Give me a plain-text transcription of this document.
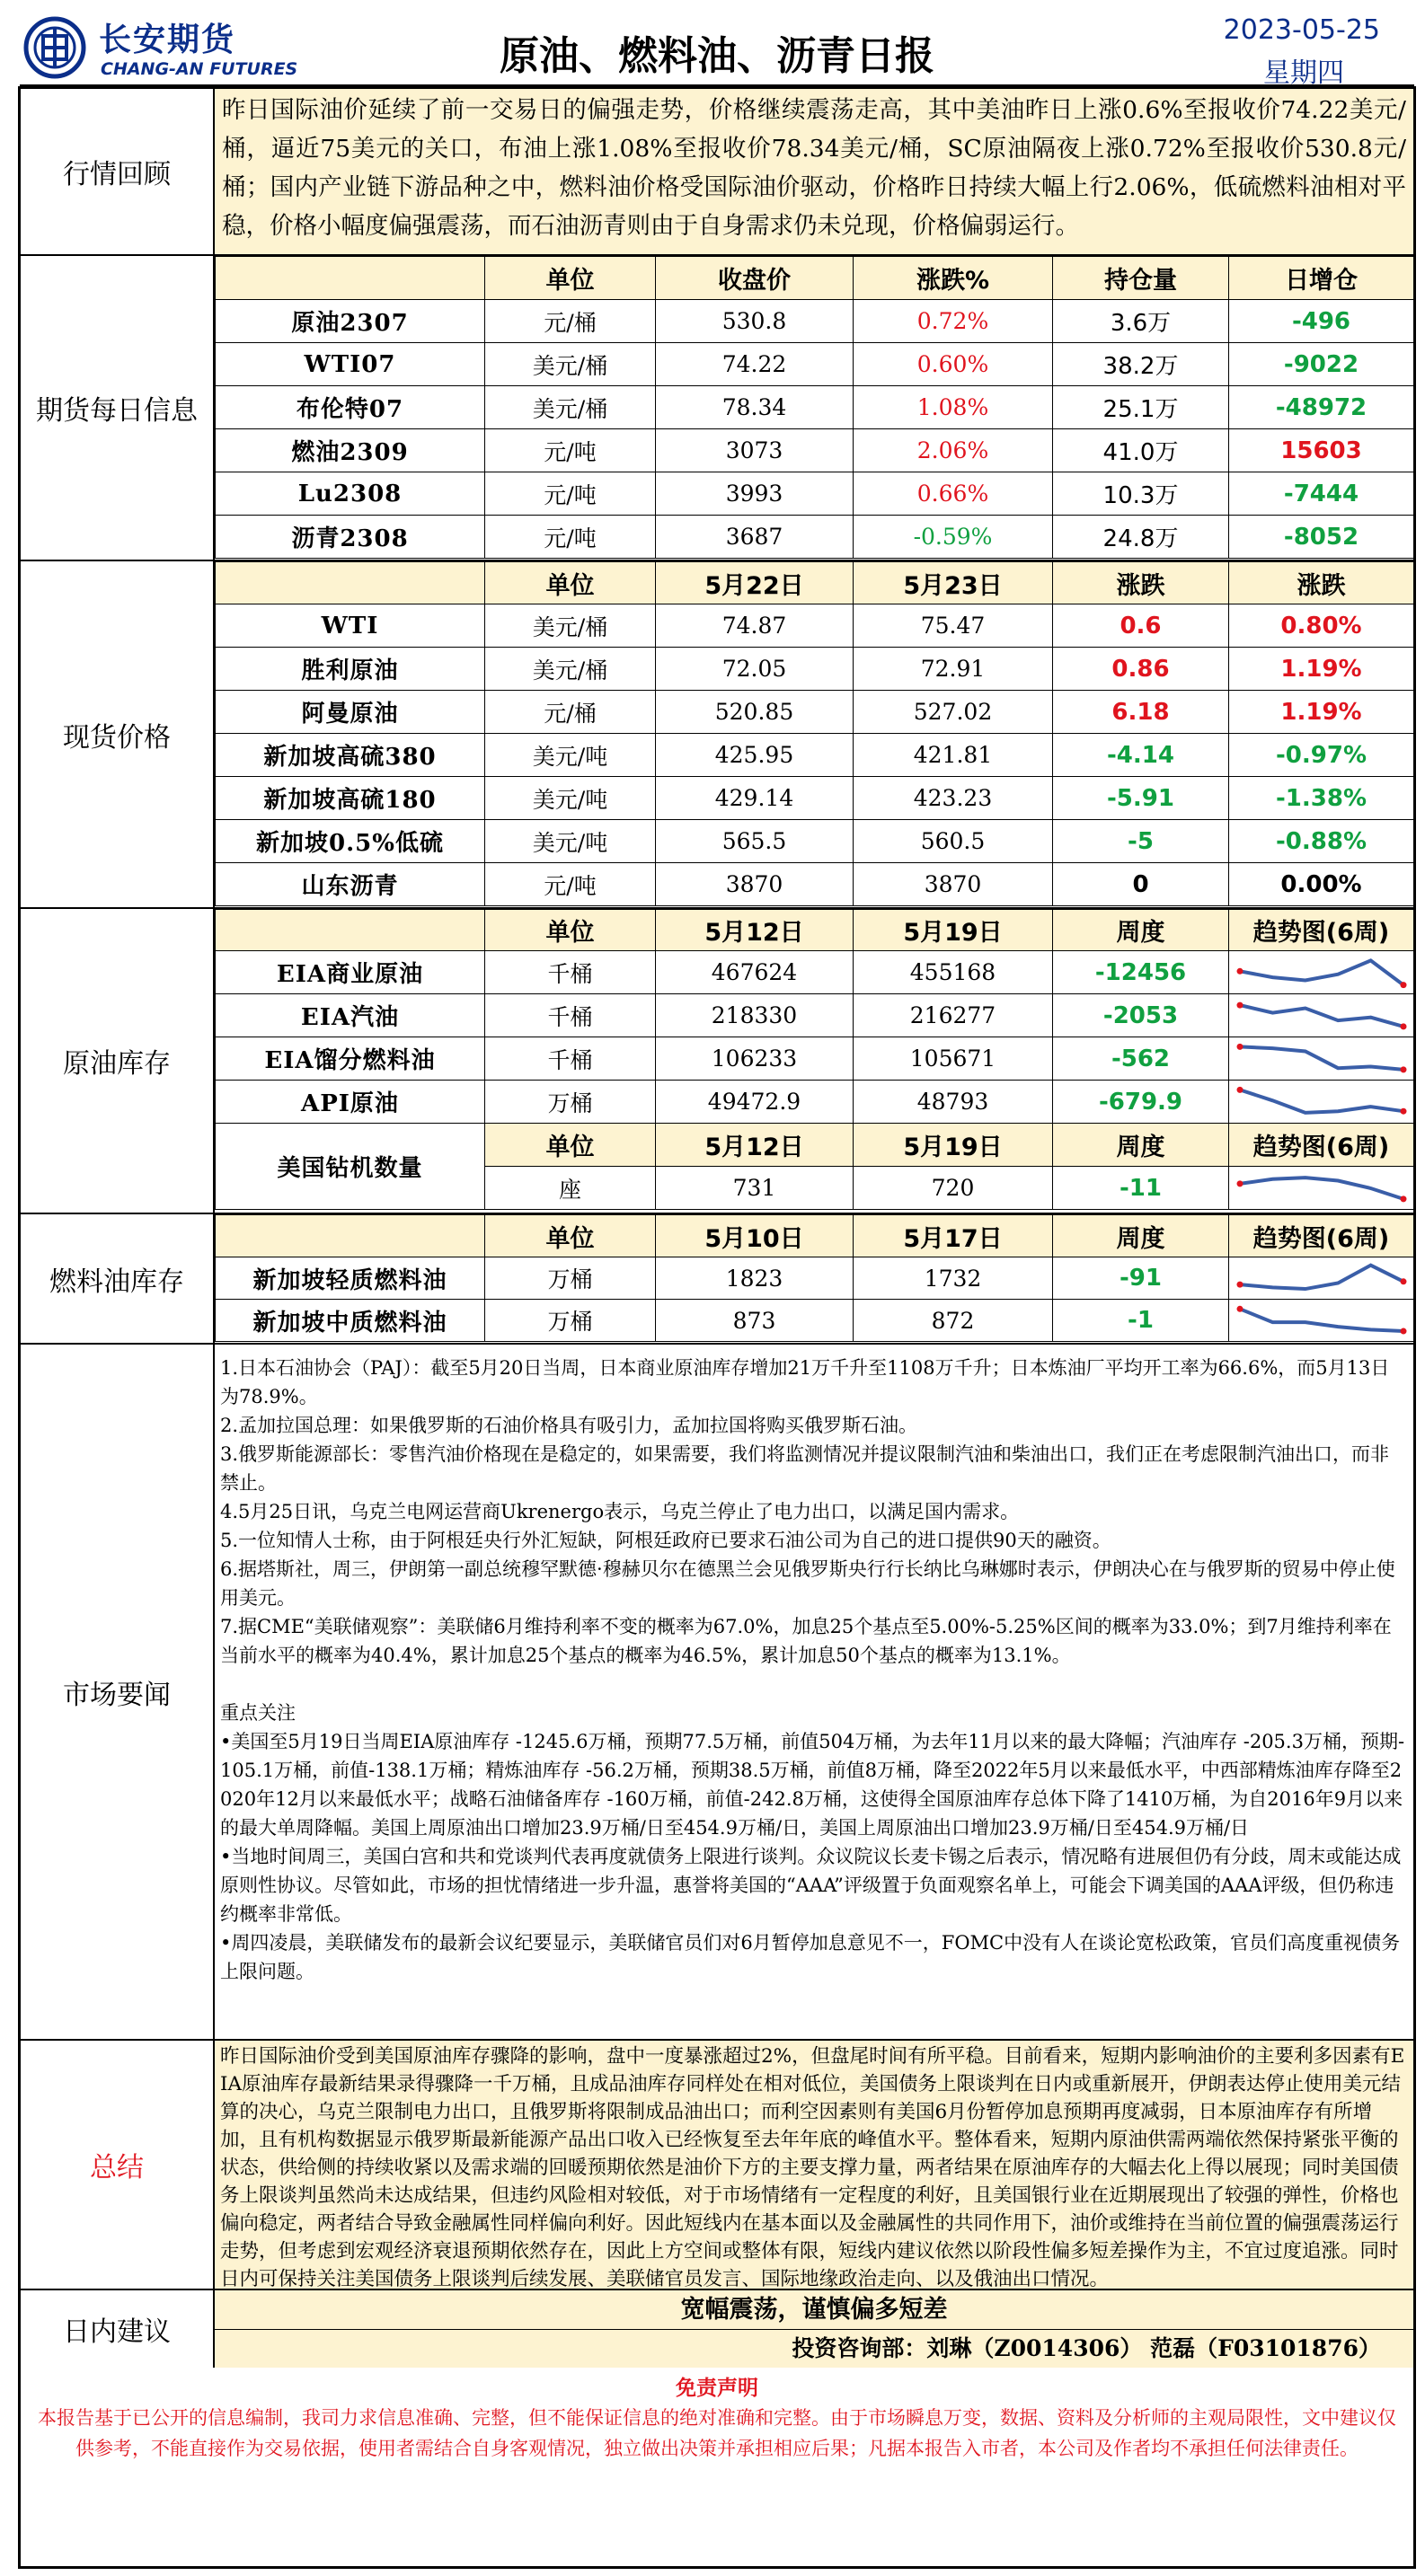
长安期货
CHANG-AN FUTURES	原油、燃料油、沥青日报
2023-05-25
星期四
行情回顾
昨日国际油价延续了前一交易日的偏强走势，价格继续震荡走高，其中美油昨日上涨0.6%至报收价74.22美元/桶，逼近75美元的关口，布油上涨1.08%至报收价78.34美元/桶，SC原油隔夜上涨0.72%至报收价530.8元/桶；国内产业链下游品种之中，燃料油价格受国际油价驱动，价格昨日持续大幅上行2.06%，低硫燃料油相对平稳，价格小幅度偏强震荡，而石油沥青则由于自身需求仍未兑现，价格偏弱运行。
期货每日信息
	单位	收盘价	涨跌%	持仓量	日增仓
原油2307	元/桶	530.8	0.72%	3.6万	-496
WTI07	美元/桶	74.22	0.60%	38.2万	-9022
布伦特07	美元/桶	78.34	1.08%	25.1万	-48972
燃油2309	元/吨	3073	2.06%	41.0万	15603
Lu2308	元/吨	3993	0.66%	10.3万	-7444
沥青2308	元/吨	3687	-0.59%	24.8万	-8052
现货价格
	单位	5月22日	5月23日	涨跌	涨跌
WTI	美元/桶	74.87	75.47	0.6	0.80%
胜利原油	美元/桶	72.05	72.91	0.86	1.19%
阿曼原油	元/桶	520.85	527.02	6.18	1.19%
新加坡高硫380	美元/吨	425.95	421.81	-4.14	-0.97%
新加坡高硫180	美元/吨	429.14	423.23	-5.91	-1.38%
新加坡0.5%低硫	美元/吨	565.5	560.5	-5	-0.88%
山东沥青	元/吨	3870	3870	0	0.00%
原油库存
	单位	5月12日	5月19日	周度	趋势图(6周)
EIA商业原油	千桶	467624	455168	-12456	

EIA汽油	千桶	218330	216277	-2053	

EIA馏分燃料油	千桶	106233	105671	-562	

API原油	万桶	49472.9	48793	-679.9	

美国钻机数量	单位	5月12日	5月19日	周度	趋势图(6周)
	座	731	720	-11	
燃料油库存
	单位	5月10日	5月17日	周度	趋势图(6周)
新加坡轻质燃料油	万桶	1823	1732	-91	

新加坡中质燃料油	万桶	873	872	-1	
市场要闻
1.日本石油协会（PAJ）：截至5月20日当周，日本商业原油库存增加21万千升至1108万千升；日本炼油厂平均开工率为66.6%，而5月13日为78.9%。
2.孟加拉国总理：如果俄罗斯的石油价格具有吸引力，孟加拉国将购买俄罗斯石油。
3.俄罗斯能源部长：零售汽油价格现在是稳定的，如果需要，我们将监测情况并提议限制汽油和柴油出口，我们正在考虑限制汽油出口，而非禁止。
4.5月25日讯，乌克兰电网运营商Ukrenergo表示，乌克兰停止了电力出口，以满足国内需求。
5.一位知情人士称，由于阿根廷央行外汇短缺，阿根廷政府已要求石油公司为自己的进口提供90天的融资。
6.据塔斯社，周三，伊朗第一副总统穆罕默德·穆赫贝尔在德黑兰会见俄罗斯央行行长纳比乌琳娜时表示，伊朗决心在与俄罗斯的贸易中停止使用美元。
7.据CME“美联储观察”：美联储6月维持利率不变的概率为67.0%，加息25个基点至5.00%-5.25%区间的概率为33.0%；到7月维持利率在当前水平的概率为40.4%，累计加息25个基点的概率为46.5%，累计加息50个基点的概率为13.1%。

重点关注
•美国至5月19日当周EIA原油库存 -1245.6万桶，预期77.5万桶，前值504万桶，为去年11月以来的最大降幅；汽油库存 -205.3万桶，预期-105.1万桶，前值-138.1万桶；精炼油库存 -56.2万桶，预期38.5万桶，前值8万桶，降至2022年5月以来最低水平，中西部精炼油库存降至2020年12月以来最低水平；战略石油储备库存 -160万桶，前值-242.8万桶，这使得全国原油库存总体下降了1410万桶，为自2016年9月以来的最大单周降幅。美国上周原油出口增加23.9万桶/日至454.9万桶/日，美国上周原油出口增加23.9万桶/日至454.9万桶/日
•当地时间周三，美国白宫和共和党谈判代表再度就债务上限进行谈判。众议院议长麦卡锡之后表示，情况略有进展但仍有分歧，周末或能达成原则性协议。尽管如此，市场的担忧情绪进一步升温，惠誉将美国的“AAA”评级置于负面观察名单上，可能会下调美国的AAA评级，但仍称违约概率非常低。
•周四凌晨，美联储发布的最新会议纪要显示，美联储官员们对6月暂停加息意见不一，FOMC中没有人在谈论宽松政策，官员们高度重视债务上限问题。
总结
昨日国际油价受到美国原油库存骤降的影响，盘中一度暴涨超过2%，但盘尾时间有所平稳。目前看来，短期内影响油价的主要利多因素有EIA原油库存最新结果录得骤降一千万桶，且成品油库存同样处在相对低位，美国债务上限谈判在日内或重新展开，伊朗表达停止使用美元结算的决心，乌克兰限制电力出口，且俄罗斯将限制成品油出口；而利空因素则有美国6月份暂停加息预期再度减弱，日本原油库存有所增加，且有机构数据显示俄罗斯最新能源产品出口收入已经恢复至去年年底的峰值水平。整体看来，短期内原油供需两端依然保持紧张平衡的状态，供给侧的持续收紧以及需求端的回暖预期依然是油价下方的主要支撑力量，两者结果在原油库存的大幅去化上得以展现；同时美国债务上限谈判虽然尚未达成结果，但违约风险相对较低，对于市场情绪有一定程度的利好，且美国银行业在近期展现出了较强的弹性，价格也偏向稳定，两者结合导致金融属性同样偏向利好。因此短线内在基本面以及金融属性的共同作用下，油价或维持在当前位置的偏强震荡运行走势，但考虑到宏观经济衰退预期依然存在，因此上方空间或整体有限，短线内建议依然以阶段性偏多短差操作为主，不宜过度追涨。同时日内可保持关注美国债务上限谈判后续发展、美联储官员发言、国际地缘政治走向、以及俄油出口情况。
日内建议
宽幅震荡，谨慎偏多短差
投资咨询部：刘琳（Z0014306） 范磊（F03101876）
免责声明
本报告基于已公开的信息编制，我司力求信息准确、完整，但不能保证信息的绝对准确和完整。由于市场瞬息万变，数据、资料及分析师的主观局限性，文中建议仅供参考，不能直接作为交易依据，使用者需结合自身客观情况，独立做出决策并承担相应后果；凡据本报告入市者，本公司及作者均不承担任何法律责任。
